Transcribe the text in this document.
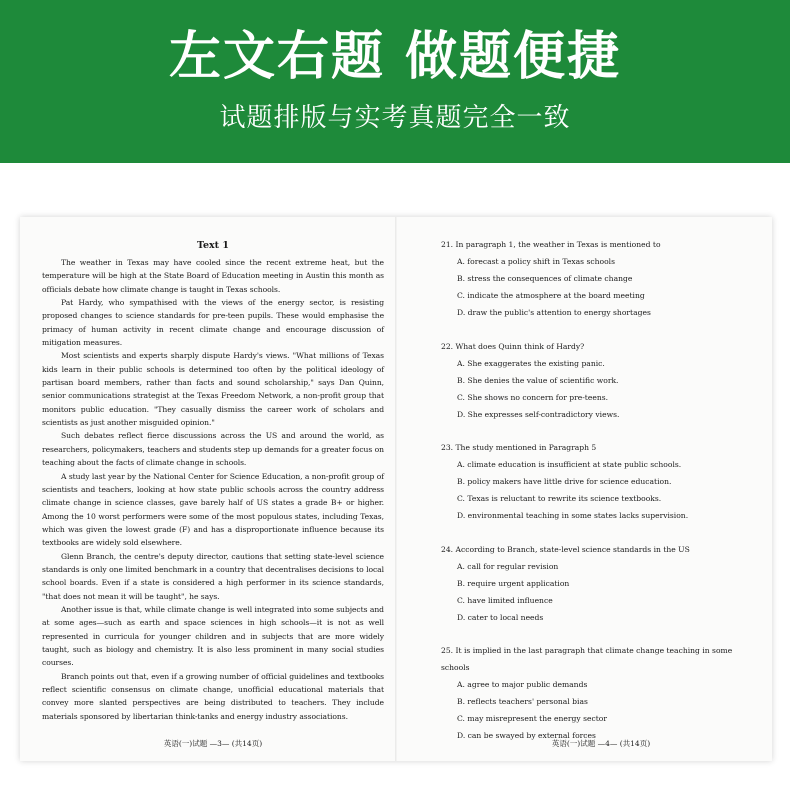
左文右题 做题便捷
试题排版与实考真题完全一致
Text 1

The weather in Texas may have cooled since the recent extreme heat, but the temperature will be high at the State Board of Education meeting in Austin this month as officials debate how climate change is taught in Texas schools.

Pat Hardy, who sympathised with the views of the energy sector, is resisting proposed changes to science standards for pre-teen pupils. These would emphasise the primacy of human activity in recent climate change and encourage discussion of mitigation measures.

Most scientists and experts sharply dispute Hardy's views. "What millions of Texas kids learn in their public schools is determined too often by the political ideology of partisan board members, rather than facts and sound scholarship," says Dan Quinn, senior communications strategist at the Texas Freedom Network, a non-profit group that monitors public education. "They casually dismiss the career work of scholars and scientists as just another misguided opinion."

Such debates reflect fierce discussions across the US and around the world, as researchers, policymakers, teachers and students step up demands for a greater focus on teaching about the facts of climate change in schools.

A study last year by the National Center for Science Education, a non-profit group of scientists and teachers, looking at how state public schools across the country address climate change in science classes, gave barely half of US states a grade B+ or higher. Among the 10 worst performers were some of the most populous states, including Texas, which was given the lowest grade (F) and has a disproportionate influence because its textbooks are widely sold elsewhere.

Glenn Branch, the centre's deputy director, cautions that setting state-level science standards is only one limited benchmark in a country that decentralises decisions to local school boards. Even if a state is considered a high performer in its science standards, "that does not mean it will be taught", he says.

Another issue is that, while climate change is well integrated into some subjects and at some ages—such as earth and space sciences in high schools—it is not as well represented in curricula for younger children and in subjects that are more widely taught, such as biology and chemistry. It is also less prominent in many social studies courses.

Branch points out that, even if a growing number of official guidelines and textbooks reflect scientific consensus on climate change, unofficial educational materials that convey more slanted perspectives are being distributed to teachers. They include materials sponsored by libertarian think-tanks and energy industry associations.

英语(一)试题 —3— (共14页)

21. In paragraph 1, the weather in Texas is mentioned to

A. forecast a policy shift in Texas schools

B. stress the consequences of climate change

C. indicate the atmosphere at the board meeting

D. draw the public's attention to energy shortages

22. What does Quinn think of Hardy?

A. She exaggerates the existing panic.

B. She denies the value of scientific work.

C. She shows no concern for pre-teens.

D. She expresses self-contradictory views.

23. The study mentioned in Paragraph 5

A. climate education is insufficient at state public schools.

B. policy makers have little drive for science education.

C. Texas is reluctant to rewrite its science textbooks.

D. environmental teaching in some states lacks supervision.

24. According to Branch, state-level science standards in the US

A. call for regular revision

B. require urgent application

C. have limited influence

D. cater to local needs

25. It is implied in the last paragraph that climate change teaching in some schools

A. agree to major public demands

B. reflects teachers' personal bias

C. may misrepresent the energy sector

D. can be swayed by external forces

英语(一)试题 —4— (共14页)
